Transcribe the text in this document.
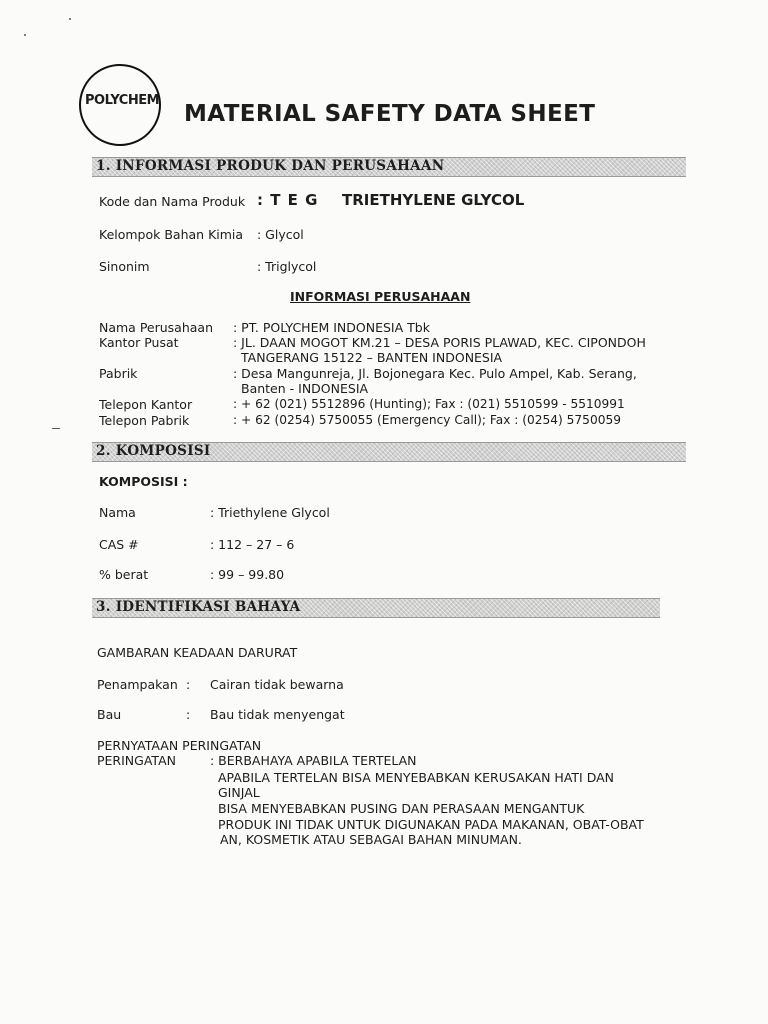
POLYCHEM
MATERIAL SAFETY DATA SHEET
1. INFORMASI PRODUK DAN PERUSAHAAN
Kode dan Nama Produk : T E G TRIETHYLENE GLYCOL
Kelompok Bahan Kimia : Glycol
Sinonim	: Triglycol
INFORMASI PERUSAHAAN
Nama Perusahaan : PT. POLYCHEM INDONESIA Tbk
Kantor Pusat	: JL. DAAN MOGOT KM.21 – DESA PORIS PLAWAD, KEC. CIPONDOH
TANGERANG 15122 – BANTEN INDONESIA
Pabrik	: Desa Mangunreja, Jl. Bojonegara Kec. Pulo Ampel, Kab. Serang,
Banten - INDONESIA
Telepon Kantor	: + 62 (021) 5512896 (Hunting); Fax : (021) 5510599 - 5510991
Telepon Pabrik	: + 62 (0254) 5750055 (Emergency Call); Fax : (0254) 5750059
2. KOMPOSISI
KOMPOSISI :
Nama	: Triethylene Glycol
CAS #	: 112 – 27 – 6
% berat	: 99 – 99.80
3. IDENTIFIKASI BAHAYA
GAMBARAN KEADAAN DARURAT
Penampakan : Cairan tidak bewarna
Bau	: Bau tidak menyengat
PERNYATAAN PERINGATAN
PERINGATAN	: BERBAHAYA APABILA TERTELAN
APABILA TERTELAN BISA MENYEBABKAN KERUSAKAN HATI DAN
GINJAL
BISA MENYEBABKAN PUSING DAN PERASAAN MENGANTUK
PRODUK INI TIDAK UNTUK DIGUNAKAN PADA MAKANAN, OBAT-OBAT
AN, KOSMETIK ATAU SEBAGAI BAHAN MINUMAN.
